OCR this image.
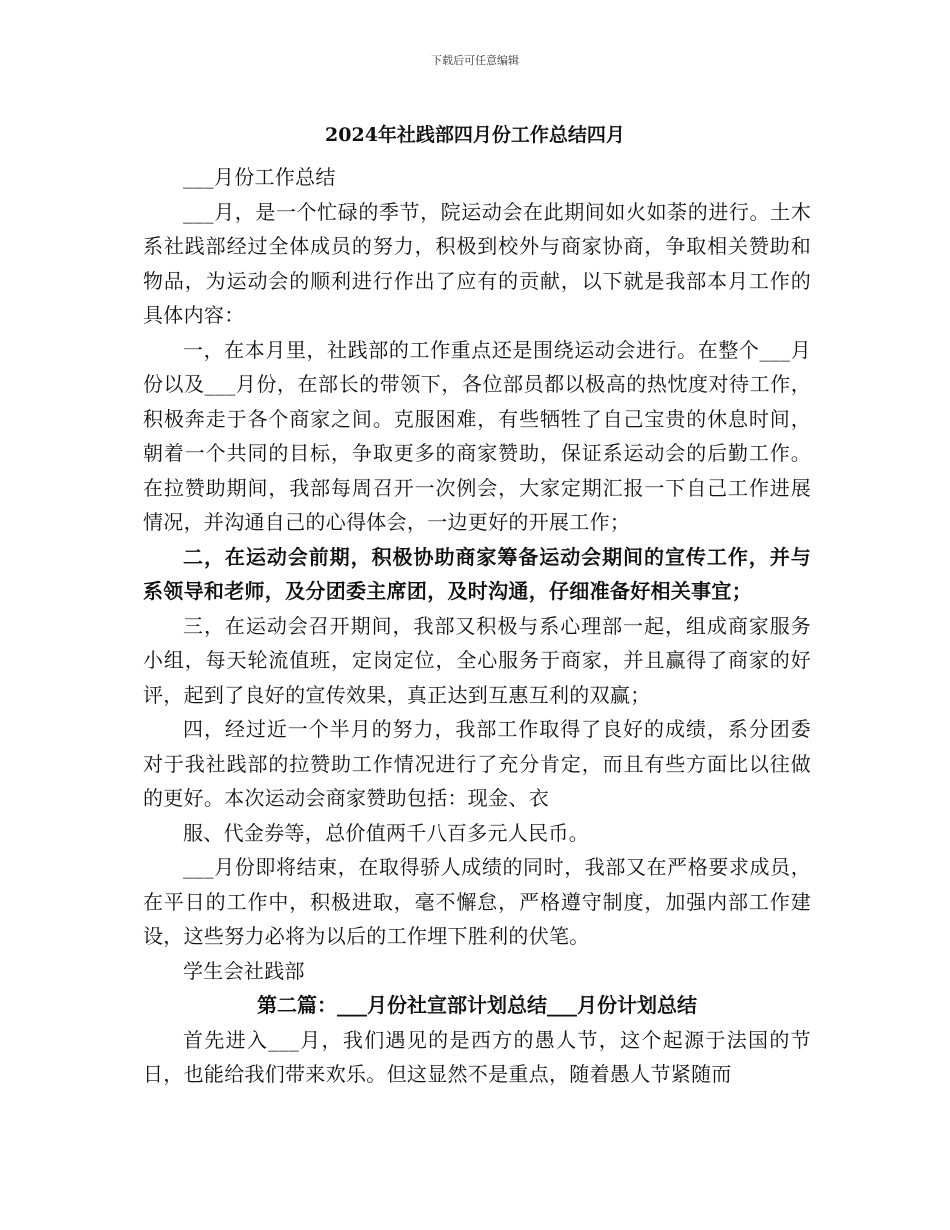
下载后可任意编辑
2024年社践部四月份工作总结四月

___月份工作总结

___月，是一个忙碌的季节，院运动会在此期间如火如荼的进行。土木系社践部经过全体成员的努力，积极到校外与商家协商，争取相关赞助和物品，为运动会的顺利进行作出了应有的贡献，以下就是我部本月工作的具体内容：

一，在本月里，社践部的工作重点还是围绕运动会进行。在整个___月份以及___月份，在部长的带领下，各位部员都以极高的热忱度对待工作，积极奔走于各个商家之间。克服困难，有些牺牲了自己宝贵的休息时间，朝着一个共同的目标，争取更多的商家赞助，保证系运动会的后勤工作。在拉赞助期间，我部每周召开一次例会，大家定期汇报一下自己工作进展情况，并沟通自己的心得体会，一边更好的开展工作；

二，在运动会前期，积极协助商家筹备运动会期间的宣传工作，并与系领导和老师，及分团委主席团，及时沟通，仔细准备好相关事宜；

三，在运动会召开期间，我部又积极与系心理部一起，组成商家服务小组，每天轮流值班，定岗定位，全心服务于商家，并且赢得了商家的好评，起到了良好的宣传效果，真正达到互惠互利的双赢；

四，经过近一个半月的努力，我部工作取得了良好的成绩，系分团委对于我社践部的拉赞助工作情况进行了充分肯定，而且有些方面比以往做的更好。本次运动会商家赞助包括：现金、衣

服、代金券等，总价值两千八百多元人民币。

___月份即将结束，在取得骄人成绩的同时，我部又在严格要求成员，在平日的工作中，积极进取，毫不懈怠，严格遵守制度，加强内部工作建设，这些努力必将为以后的工作埋下胜利的伏笔。

学生会社践部

第二篇：___月份社宣部计划总结___月份计划总结

首先进入___月，我们遇见的是西方的愚人节，这个起源于法国的节日，也能给我们带来欢乐。但这显然不是重点，随着愚人节紧随而
